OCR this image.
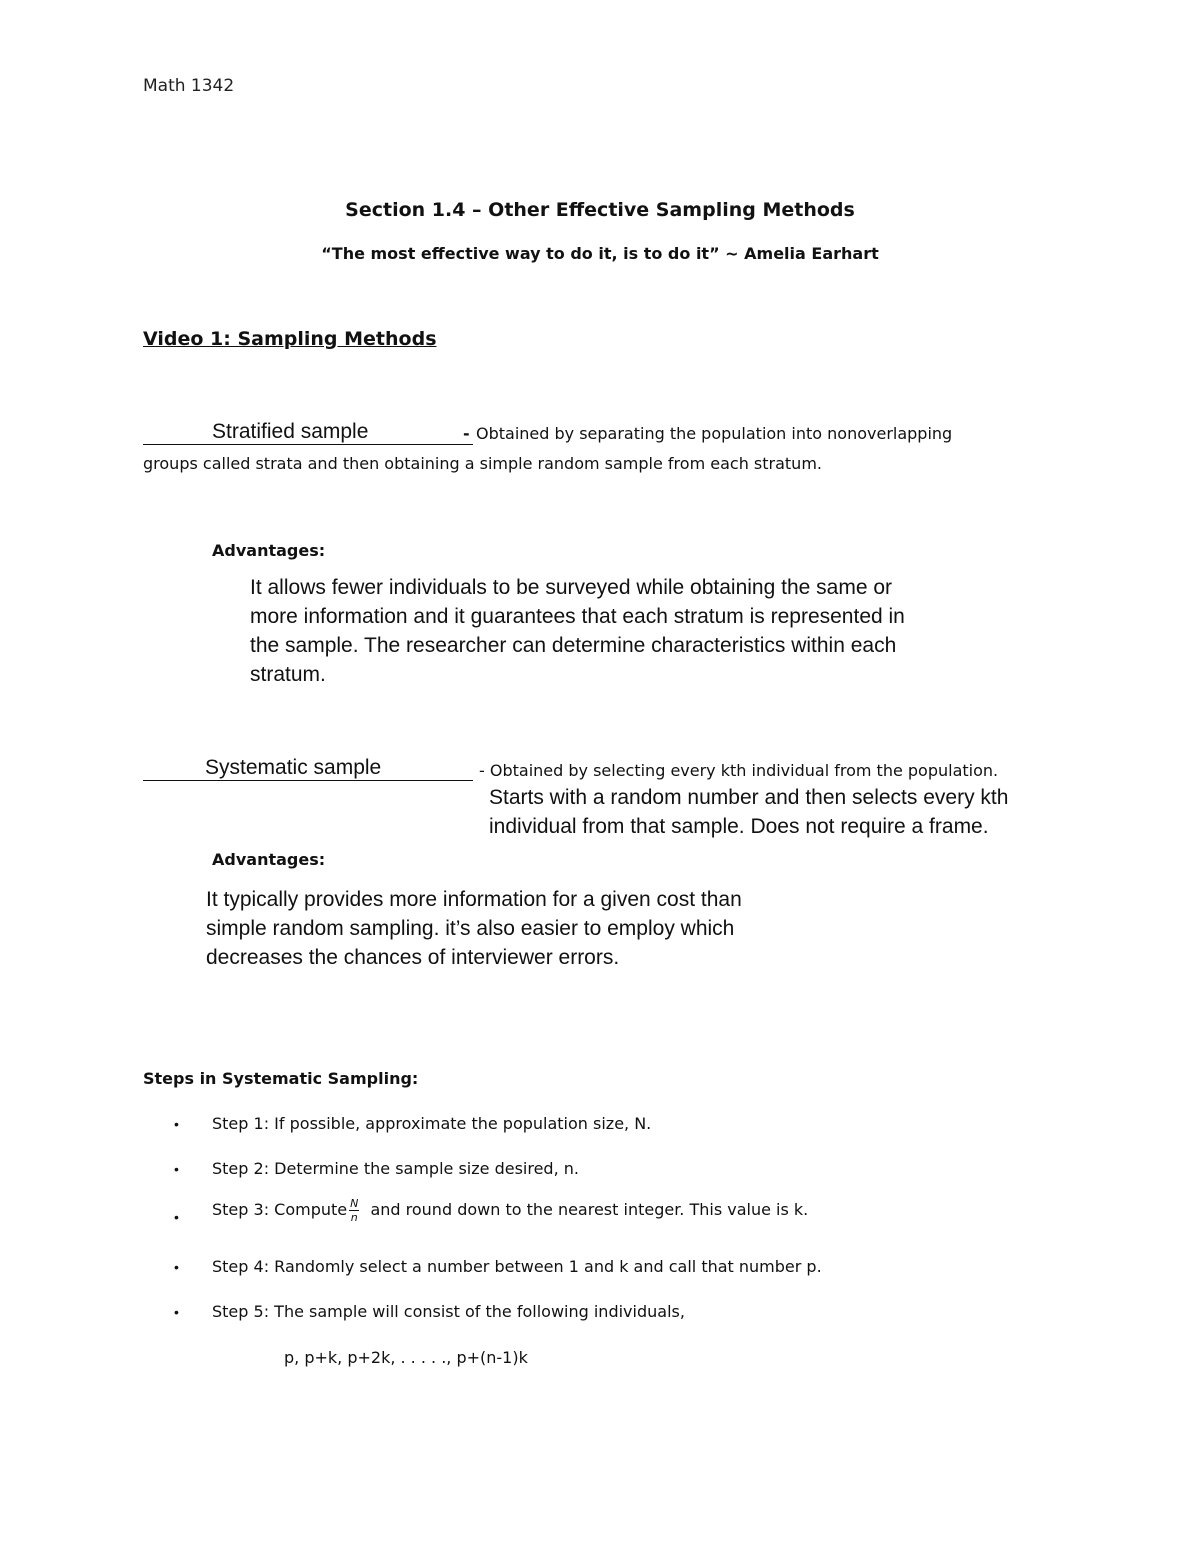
Math 1342
Section 1.4 – Other Effective Sampling Methods
“The most effective way to do it, is to do it” ~ Amelia Earhart
Video 1: Sampling Methods
Stratified sample	- Obtained by separating the population into nonoverlapping
groups called strata and then obtaining a simple random sample from each stratum.
Advantages:
It allows fewer individuals to be surveyed while obtaining the same or more information and it guarantees that each stratum is represented in the sample. The researcher can determine characteristics within each stratum.
Systematic sample	- Obtained by selecting every kth individual from the population.
Starts with a random number and then selects every kth individual from that sample. Does not require a frame.
Advantages:
It typically provides more information for a given cost than simple random sampling. it’s also easier to employ which decreases the chances of interviewer errors.
Steps in Systematic Sampling:
• Step 1: If possible, approximate the population size, N.
• Step 2: Determine the sample size desired, n.
• Step 3: Compute $\frac{N}{n}$ and round down to the nearest integer. This value is k.
• Step 4: Randomly select a number between 1 and k and call that number p.
• Step 5: The sample will consist of the following individuals,
p, p+k, p+2k, . . . . ., p+(n-1)k
